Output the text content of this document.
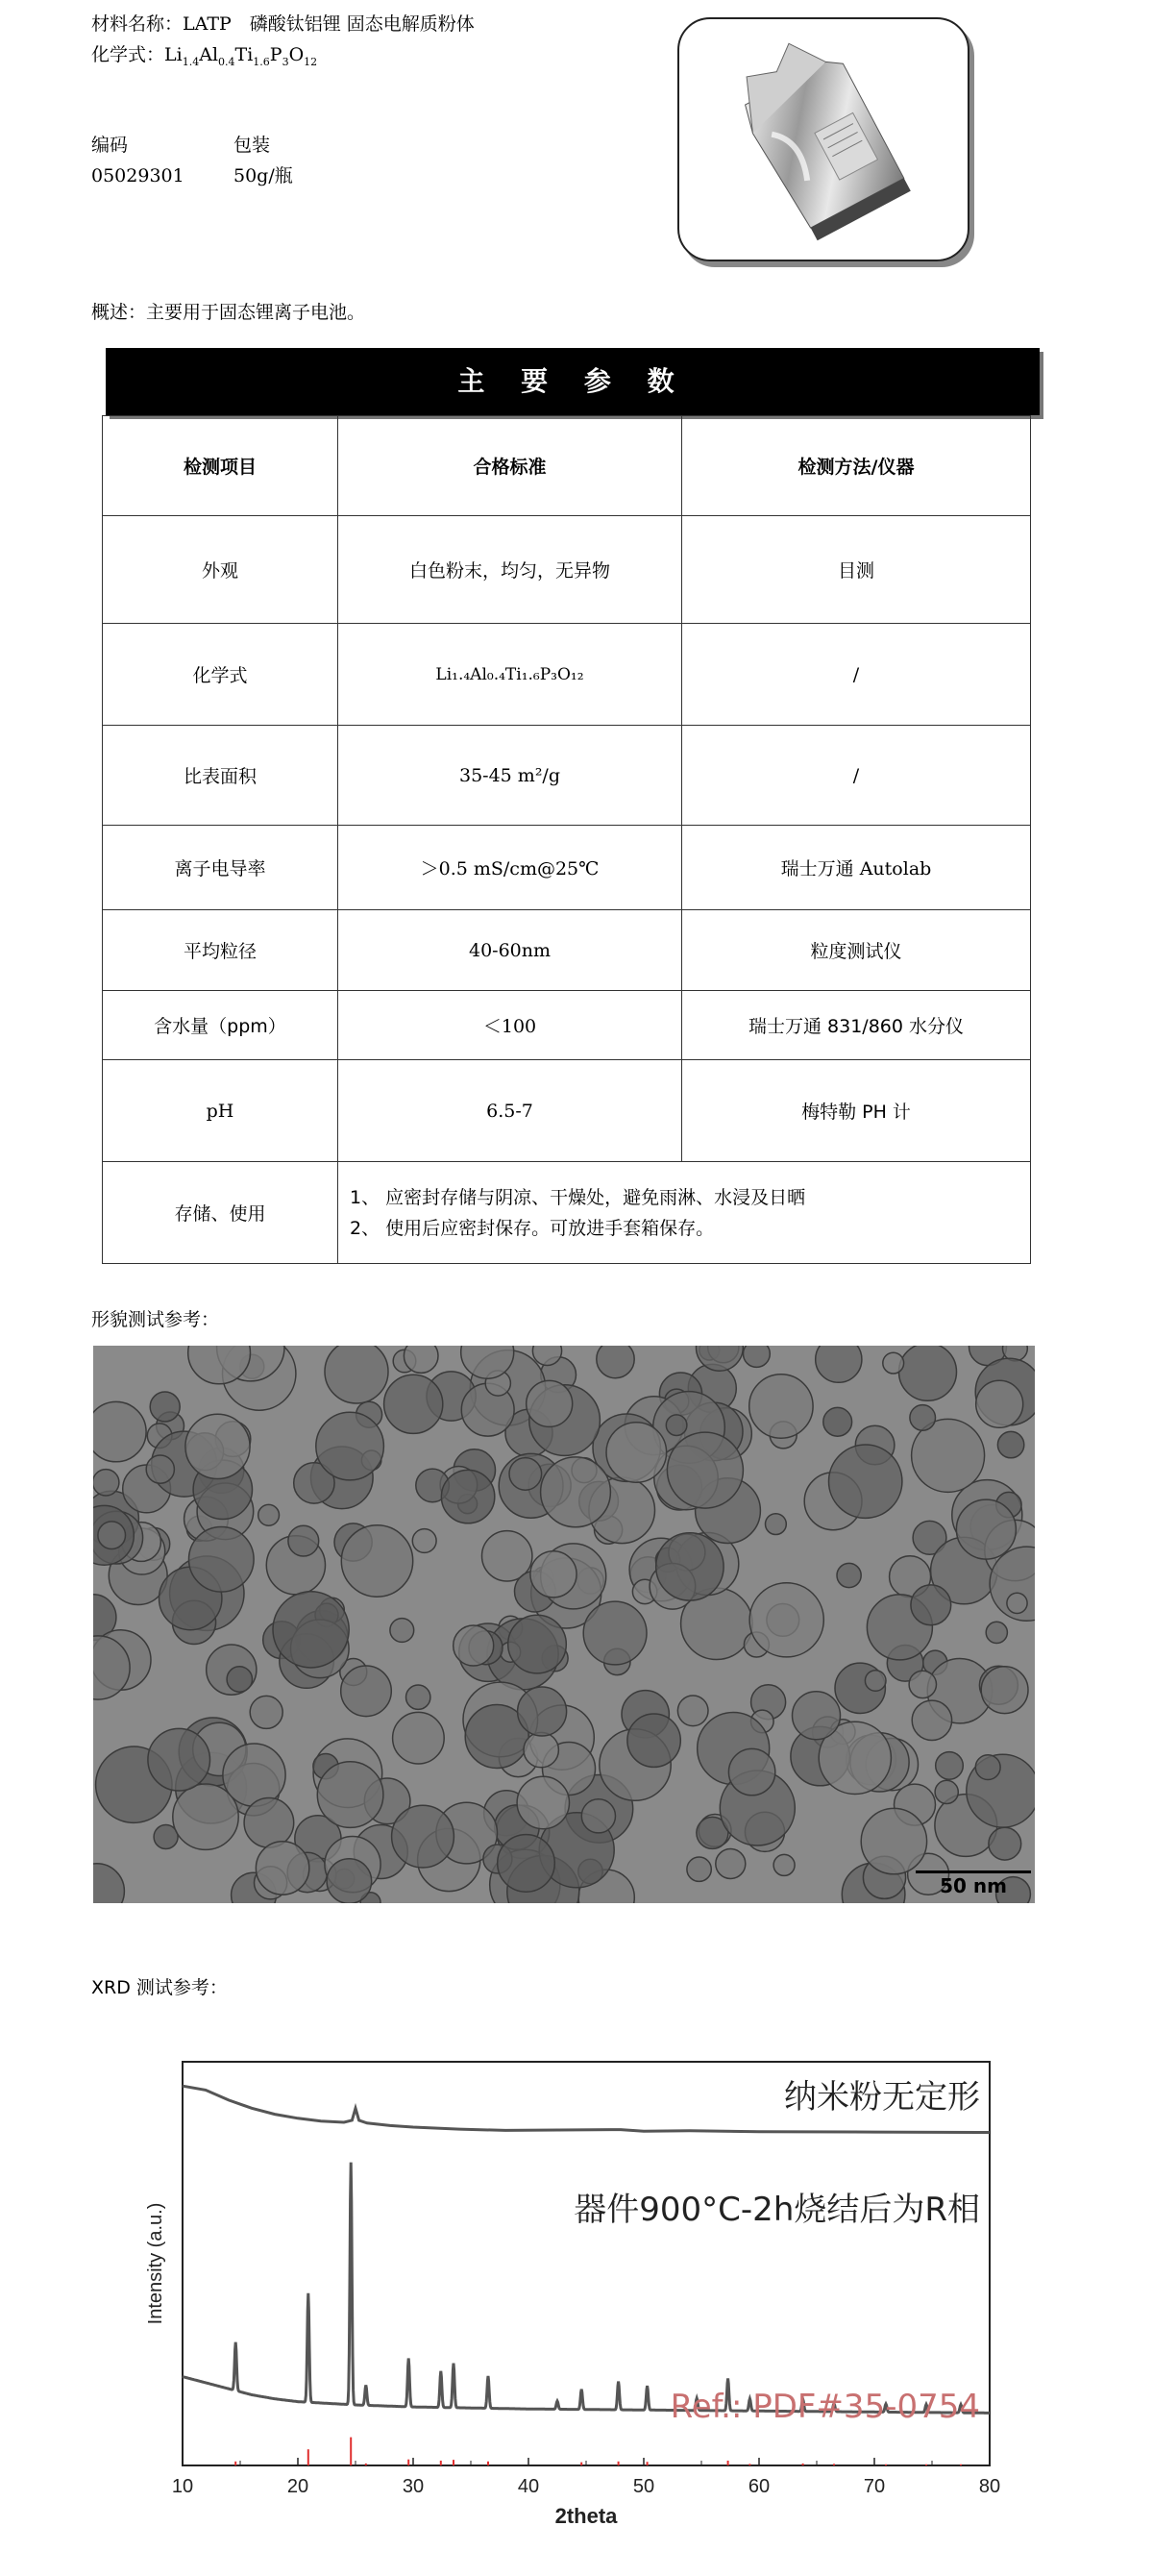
材料名称：LATP　磷酸钛铝锂 固态电解质粉体
化学式：$Li_{1.4}Al_{0.4}Ti_{1.6}P_3O_{12}$
编码	包装
05029301	50g/瓶
概述：主要用于固态锂离子电池。
主 要 参 数
检测项目	合格标准	检测方法/仪器
外观	白色粉末，均匀，无异物	目测
化学式	Li₁.₄Al₀.₄Ti₁.₆P₃O₁₂	/
比表面积	35-45 m²/g	/
离子电导率	＞0.5 mS/cm@25℃	瑞士万通 Autolab
平均粒径	40-60nm	粒度测试仪
含水量（ppm）	＜100	瑞士万通 831/860 水分仪
pH	6.5-7	梅特勒 PH 计
存储、使用	1、 应密封存储与阴凉、干燥处，避免雨淋、水浸及日晒
2、 使用后应密封保存。可放进手套箱保存。	
形貌测试参考：
50 nm
XRD 测试参考：
10	20	30	40	50	60	70	80
2theta
Intensity (a.u.)
纳米粉无定形
器件900°C-2h烧结后为R相
Ref.: PDF#35-0754
